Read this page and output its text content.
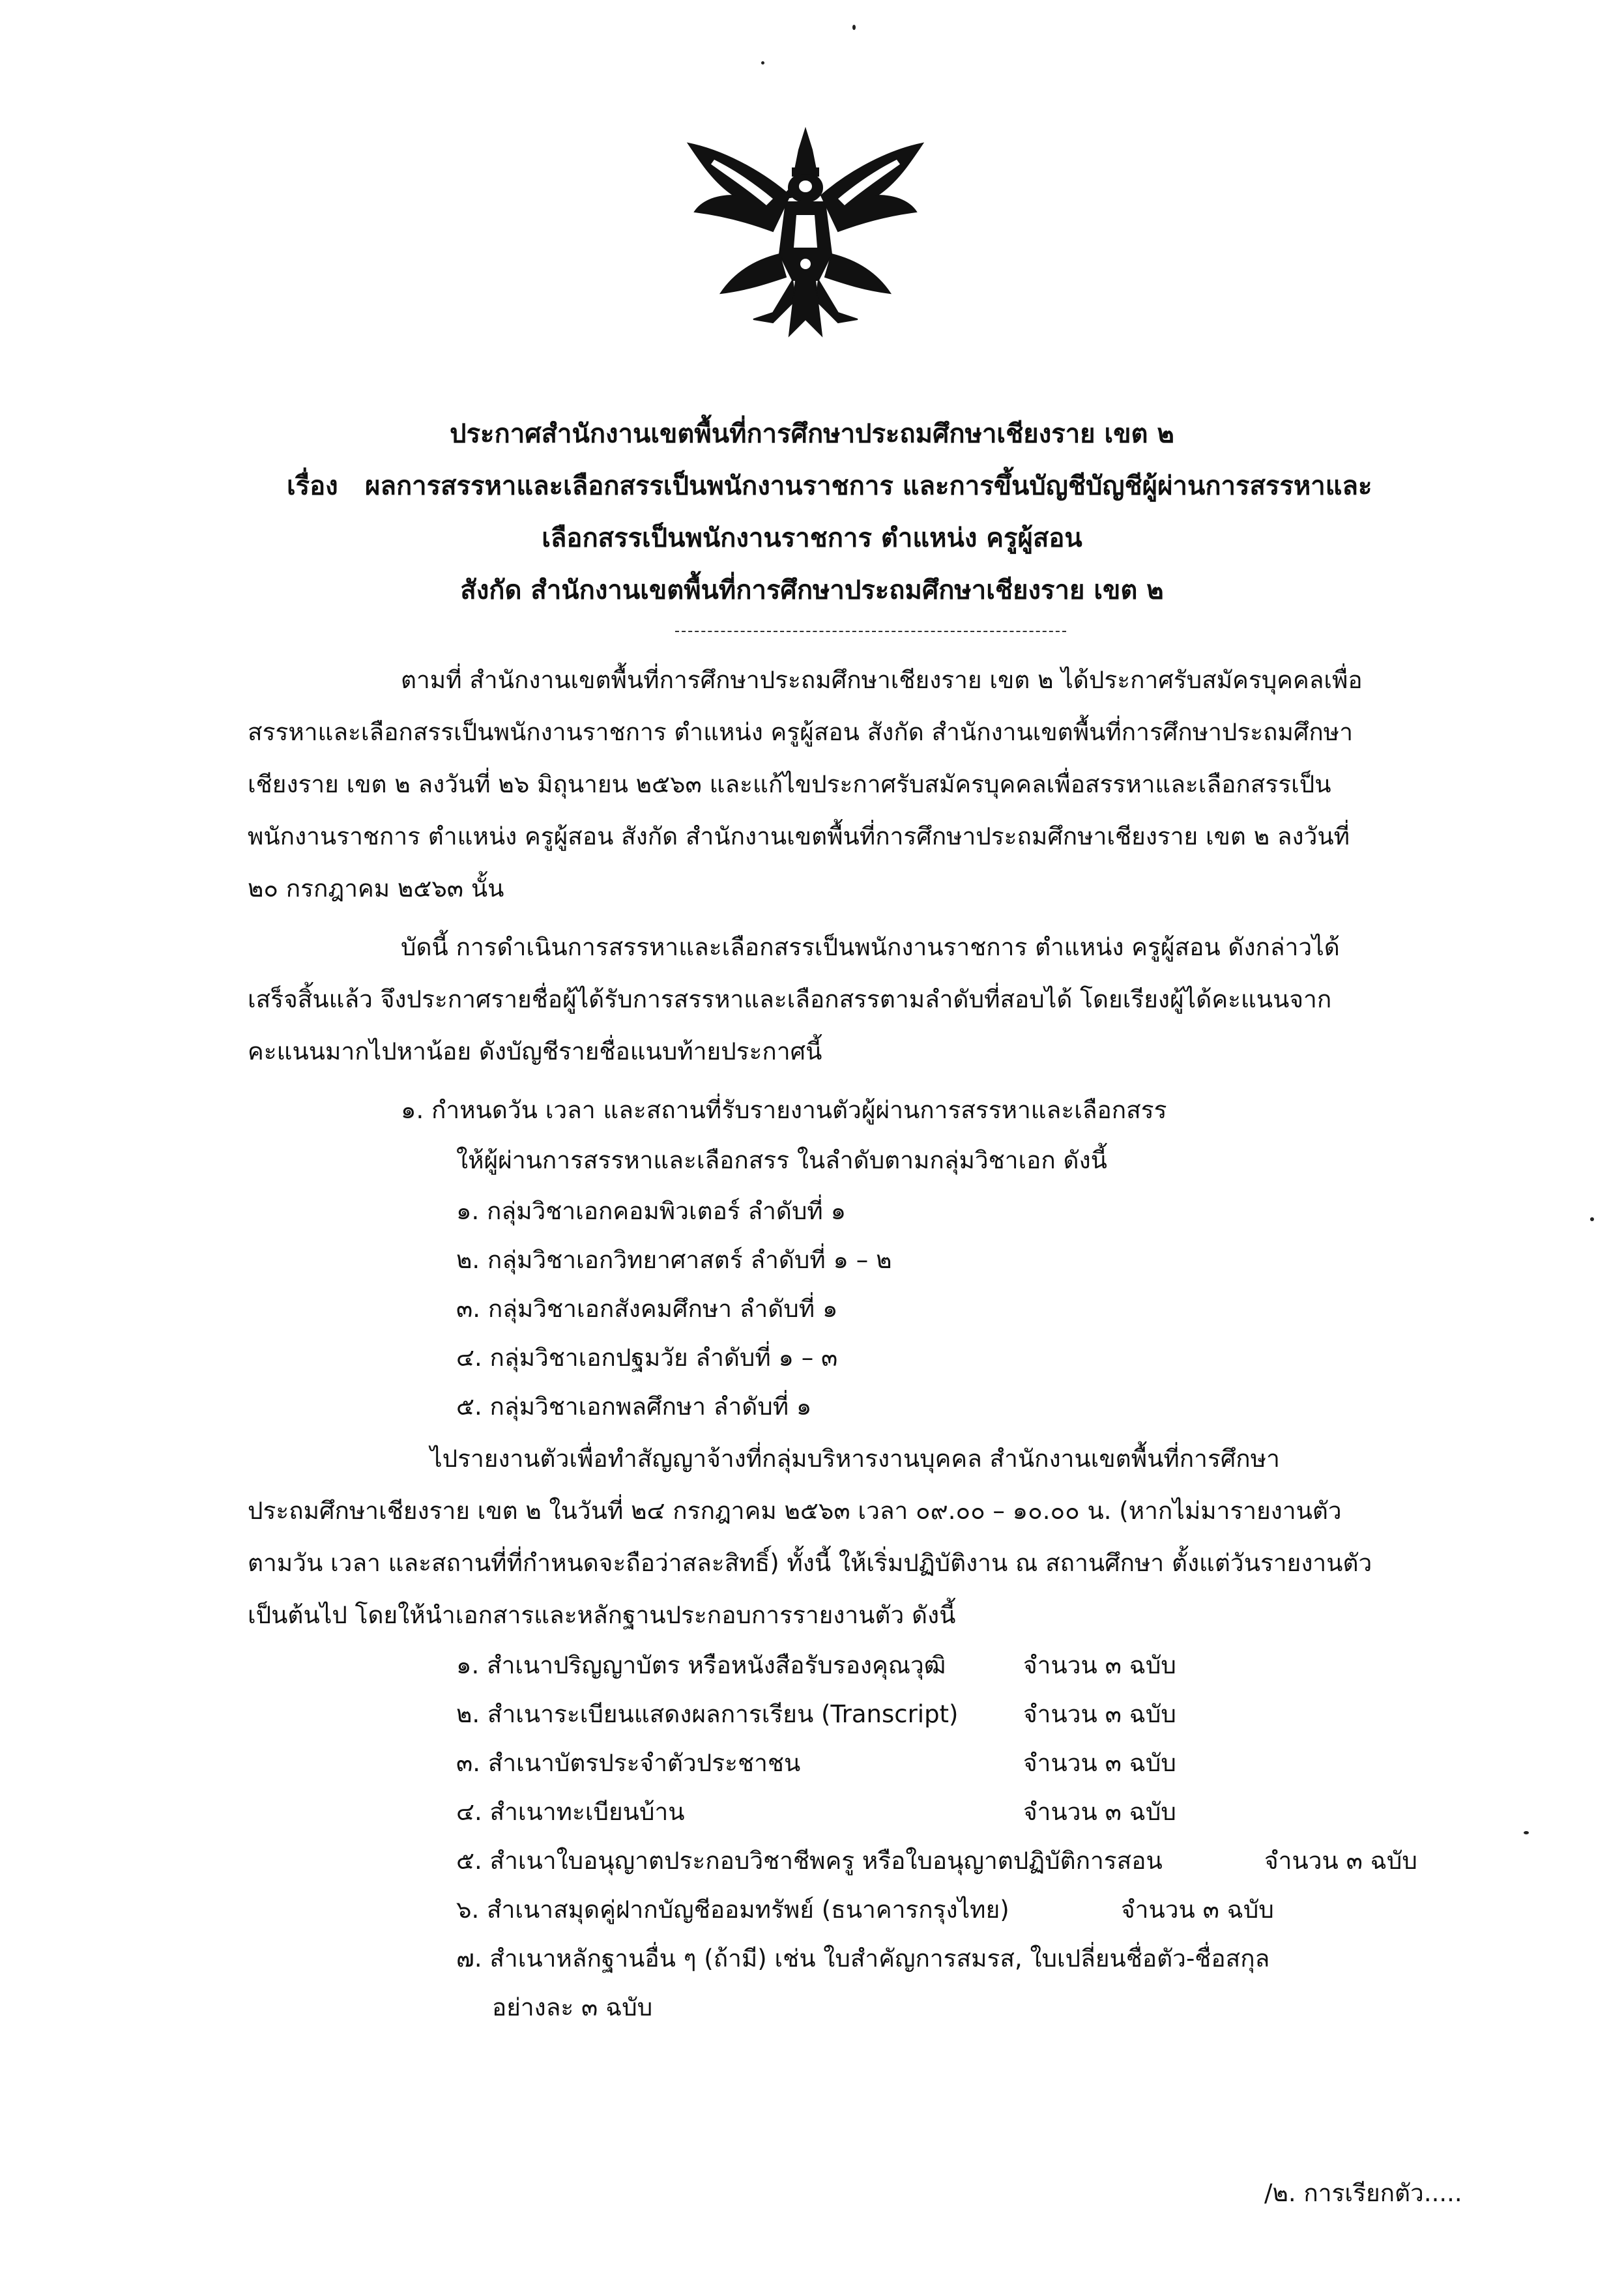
ประกาศสำนักงานเขตพื้นที่การศึกษาประถมศึกษาเชียงราย เขต ๒
เรื่อง ผลการสรรหาและเลือกสรรเป็นพนักงานราชการ และการขึ้นบัญชีบัญชีผู้ผ่านการสรรหาและ
เลือกสรรเป็นพนักงานราชการ ตำแหน่ง ครูผู้สอน
สังกัด สำนักงานเขตพื้นที่การศึกษาประถมศึกษาเชียงราย เขต ๒
ตามที่ สำนักงานเขตพื้นที่การศึกษาประถมศึกษาเชียงราย เขต ๒ ได้ประกาศรับสมัครบุคคลเพื่อ
สรรหาและเลือกสรรเป็นพนักงานราชการ ตำแหน่ง ครูผู้สอน สังกัด สำนักงานเขตพื้นที่การศึกษาประถมศึกษา
เชียงราย เขต ๒ ลงวันที่ ๒๖ มิถุนายน ๒๕๖๓ และแก้ไขประกาศรับสมัครบุคคลเพื่อสรรหาและเลือกสรรเป็น
พนักงานราชการ ตำแหน่ง ครูผู้สอน สังกัด สำนักงานเขตพื้นที่การศึกษาประถมศึกษาเชียงราย เขต ๒ ลงวันที่
๒๐ กรกฎาคม ๒๕๖๓ นั้น
บัดนี้ การดำเนินการสรรหาและเลือกสรรเป็นพนักงานราชการ ตำแหน่ง ครูผู้สอน ดังกล่าวได้
เสร็จสิ้นแล้ว จึงประกาศรายชื่อผู้ได้รับการสรรหาและเลือกสรรตามลำดับที่สอบได้ โดยเรียงผู้ได้คะแนนจาก
คะแนนมากไปหาน้อย ดังบัญชีรายชื่อแนบท้ายประกาศนี้
๑. กำหนดวัน เวลา และสถานที่รับรายงานตัวผู้ผ่านการสรรหาและเลือกสรร
ให้ผู้ผ่านการสรรหาและเลือกสรร ในลำดับตามกลุ่มวิชาเอก ดังนี้
๑. กลุ่มวิชาเอกคอมพิวเตอร์ ลำดับที่ ๑
๒. กลุ่มวิชาเอกวิทยาศาสตร์ ลำดับที่ ๑ – ๒
๓. กลุ่มวิชาเอกสังคมศึกษา ลำดับที่ ๑
๔. กลุ่มวิชาเอกปฐมวัย ลำดับที่ ๑ – ๓
๕. กลุ่มวิชาเอกพลศึกษา ลำดับที่ ๑
ไปรายงานตัวเพื่อทำสัญญาจ้างที่กลุ่มบริหารงานบุคคล สำนักงานเขตพื้นที่การศึกษา
ประถมศึกษาเชียงราย เขต ๒ ในวันที่ ๒๔ กรกฎาคม ๒๕๖๓ เวลา ๐๙.๐๐ – ๑๐.๐๐ น. (หากไม่มารายงานตัว
ตามวัน เวลา และสถานที่ที่กำหนดจะถือว่าสละสิทธิ์) ทั้งนี้ ให้เริ่มปฏิบัติงาน ณ สถานศึกษา ตั้งแต่วันรายงานตัว
เป็นต้นไป โดยให้นำเอกสารและหลักฐานประกอบการรายงานตัว ดังนี้
๑. สำเนาปริญญาบัตร หรือหนังสือรับรองคุณวุฒิ	จำนวน ๓ ฉบับ
๒. สำเนาระเบียนแสดงผลการเรียน (Transcript)	จำนวน ๓ ฉบับ
๓. สำเนาบัตรประจำตัวประชาชน	จำนวน ๓ ฉบับ
๔. สำเนาทะเบียนบ้าน	จำนวน ๓ ฉบับ
๕. สำเนาใบอนุญาตประกอบวิชาชีพครู หรือใบอนุญาตปฏิบัติการสอน	จำนวน ๓ ฉบับ
๖. สำเนาสมุดคู่ฝากบัญชีออมทรัพย์ (ธนาคารกรุงไทย)	จำนวน ๓ ฉบับ
๗. สำเนาหลักฐานอื่น ๆ (ถ้ามี) เช่น ใบสำคัญการสมรส, ใบเปลี่ยนชื่อตัว-ชื่อสกุล
อย่างละ ๓ ฉบับ
/๒. การเรียกตัว.....
